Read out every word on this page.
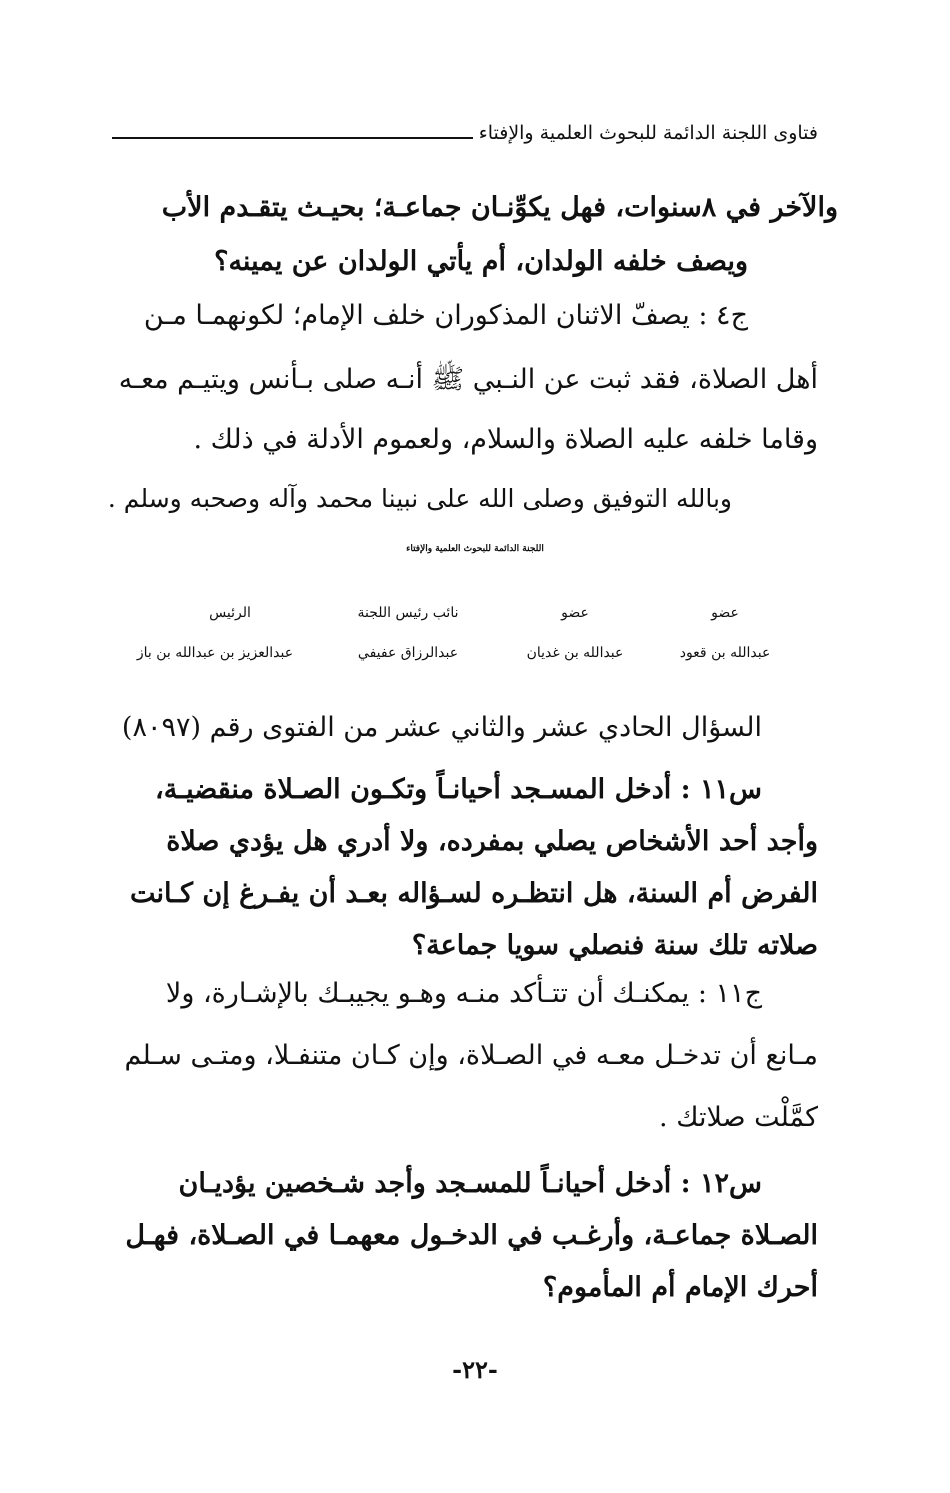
فتاوى اللجنة الدائمة للبحوث العلمية والإفتاء
والآخر في ٨سنوات، فهل يكوِّنـان جماعـة؛ بحيـث يتقـدم الأب
ويصف خلفه الولدان، أم يأتي الولدان عن يمينه؟
ج٤ : يصفّ الاثنان المذكوران خلف الإمام؛ لكونهمـا مـن
أهل الصلاة، فقد ثبت عن النـبي ﷺ أنـه صلى بـأنس ويتيـم معـه
وقاما خلفه عليه الصلاة والسلام، ولعموم الأدلة في ذلك .
وبالله التوفيق وصلى الله على نبينا محمد وآله وصحبه وسلم .
اللجنة الدائمة للبحوث العلمية والإفتاء
الرئيس
عبدالعزيز بن عبدالله بن باز
نائب رئيس اللجنة
عبدالرزاق عفيفي
عضو
عبدالله بن غديان
عضو
عبدالله بن قعود
السؤال الحادي عشر والثاني عشر من الفتوى رقم (٨٠٩٧)
س١١ : أدخل المسـجد أحيانـاً وتكـون الصـلاة منقضيـة،
وأجد أحد الأشخاص يصلي بمفرده، ولا أدري هل يؤدي صلاة
الفرض أم السنة، هل انتظـره لسـؤاله بعـد أن يفـرغ إن كـانت
صلاته تلك سنة فنصلي سويا جماعة؟
ج١١ : يمكنـك أن تتـأكد منـه وهـو يجيبـك بالإشـارة، ولا
مـانع أن تدخـل معـه في الصـلاة، وإن كـان متنفـلا، ومتـى سـلم
كمَّلْت صلاتك .
س١٢ : أدخل أحيانـاً للمسـجد وأجد شـخصين يؤديـان
الصـلاة جماعـة، وأرغـب في الدخـول معهمـا في الصـلاة، فهـل
أحرك الإمام أم المأموم؟
-٢٢-
